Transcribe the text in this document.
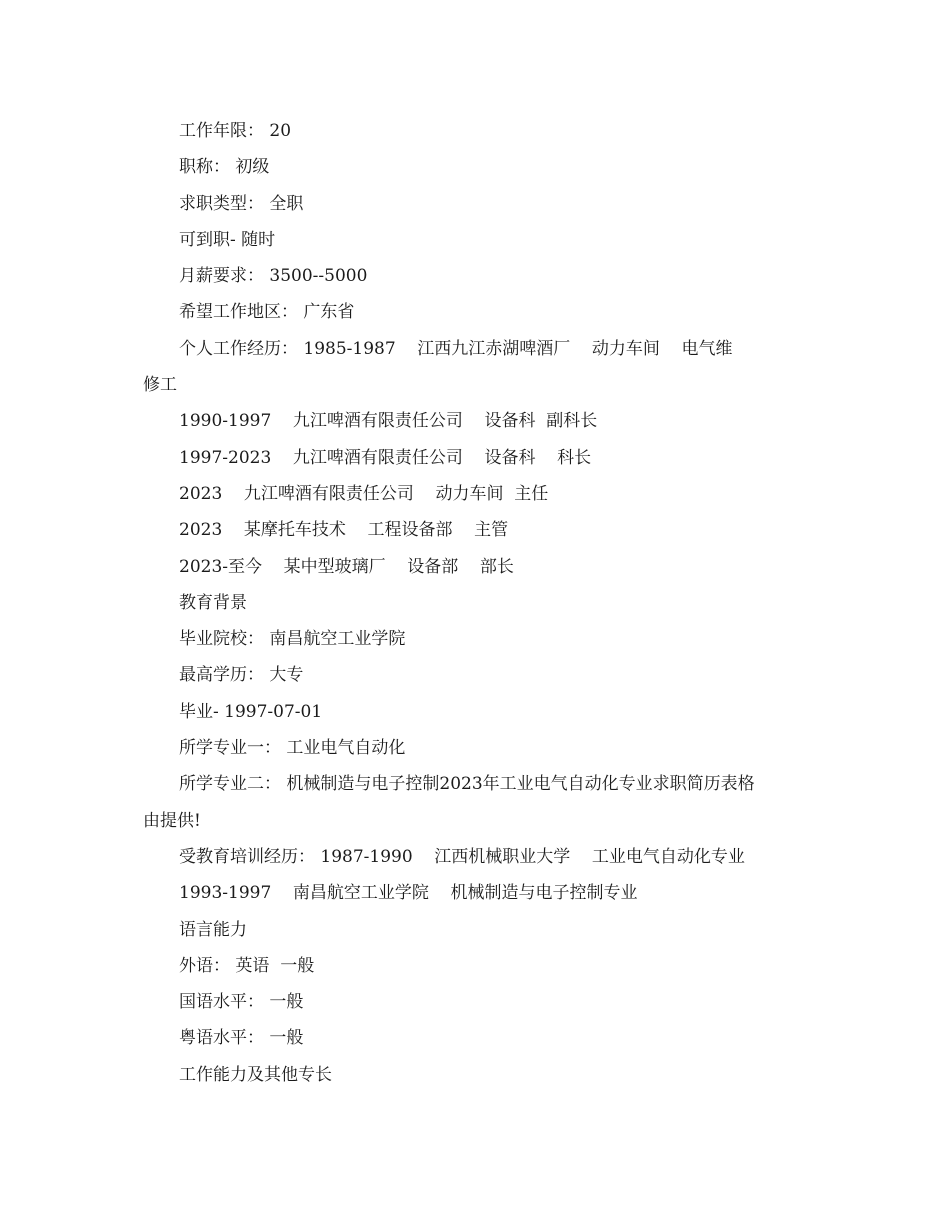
工作年限： 20

职称： 初级

求职类型： 全职

可到职- 随时

月薪要求： 3500--5000

希望工作地区： 广东省

个人工作经历： 1985-1987    江西九江赤湖啤酒厂    动力车间    电气维

修工

1990-1997    九江啤酒有限责任公司    设备科  副科长

1997-2023    九江啤酒有限责任公司    设备科    科长

2023    九江啤酒有限责任公司    动力车间  主任

2023    某摩托车技术    工程设备部    主管

2023-至今    某中型玻璃厂    设备部    部长

教育背景

毕业院校： 南昌航空工业学院

最高学历： 大专

毕业- 1997-07-01

所学专业一： 工业电气自动化

所学专业二： 机械制造与电子控制2023年工业电气自动化专业求职简历表格

由提供!

受教育培训经历： 1987-1990    江西机械职业大学    工业电气自动化专业

1993-1997    南昌航空工业学院    机械制造与电子控制专业

语言能力

外语： 英语  一般

国语水平： 一般

粤语水平： 一般

工作能力及其他专长
